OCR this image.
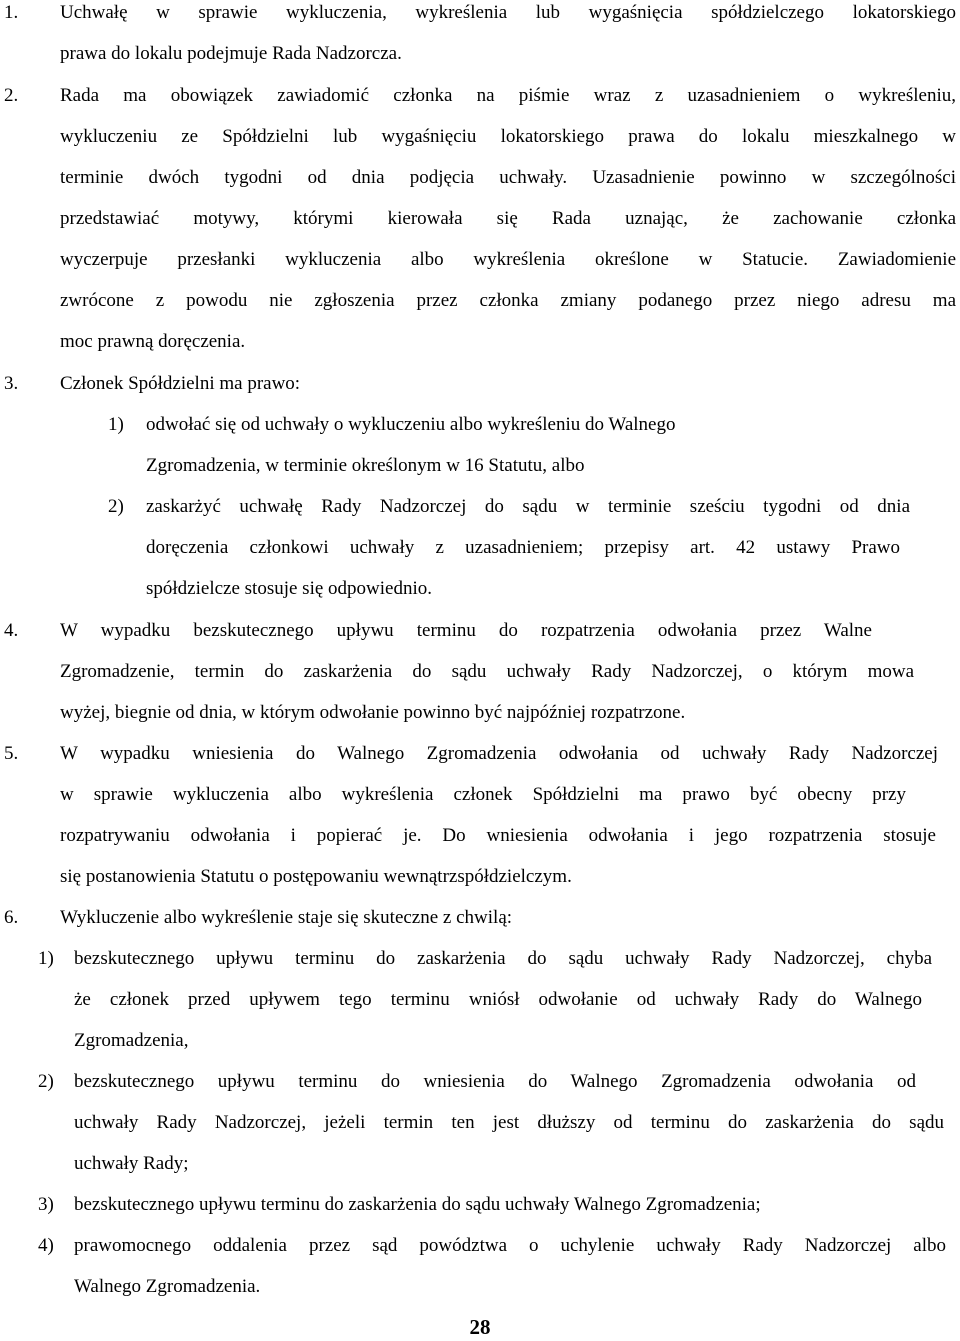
1. Uchwałę w sprawie wykluczenia, wykreślenia lub wygaśnięcia spółdzielczego lokatorskiego
prawa do lokalu podejmuje Rada Nadzorcza.
2. Rada ma obowiązek zawiadomić członka na piśmie wraz z uzasadnieniem o wykreśleniu,
wykluczeniu ze Spółdzielni lub wygaśnięciu lokatorskiego prawa do lokalu mieszkalnego w
terminie dwóch tygodni od dnia podjęcia uchwały. Uzasadnienie powinno w szczególności
przedstawiać motywy, którymi kierowała się Rada uznając, że zachowanie członka
wyczerpuje przesłanki wykluczenia albo wykreślenia określone w Statucie. Zawiadomienie
zwrócone z powodu nie zgłoszenia przez członka zmiany podanego przez niego adresu ma
moc prawną doręczenia.
3. Członek Spółdzielni ma prawo:
1) odwołać się od uchwały o wykluczeniu albo wykreśleniu do Walnego
Zgromadzenia, w terminie określonym w 16 Statutu, albo
2) zaskarżyć uchwałę Rady Nadzorczej do sądu w terminie sześciu tygodni od dnia
doręczenia członkowi uchwały z uzasadnieniem; przepisy art. 42 ustawy Prawo
spółdzielcze stosuje się odpowiednio.
4. W wypadku bezskutecznego upływu terminu do rozpatrzenia odwołania przez Walne
Zgromadzenie, termin do zaskarżenia do sądu uchwały Rady Nadzorczej, o którym mowa
wyżej, biegnie od dnia, w którym odwołanie powinno być najpóźniej rozpatrzone.
5. W wypadku wniesienia do Walnego Zgromadzenia odwołania od uchwały Rady Nadzorczej
w sprawie wykluczenia albo wykreślenia członek Spółdzielni ma prawo być obecny przy
rozpatrywaniu odwołania i popierać je. Do wniesienia odwołania i jego rozpatrzenia stosuje
się postanowienia Statutu o postępowaniu wewnątrzspółdzielczym.
6. Wykluczenie albo wykreślenie staje się skuteczne z chwilą:
1) bezskutecznego upływu terminu do zaskarżenia do sądu uchwały Rady Nadzorczej, chyba
że członek przed upływem tego terminu wniósł odwołanie od uchwały Rady do Walnego
Zgromadzenia,
2) bezskutecznego upływu terminu do wniesienia do Walnego Zgromadzenia odwołania od
uchwały Rady Nadzorczej, jeżeli termin ten jest dłuższy od terminu do zaskarżenia do sądu
uchwały Rady;
3) bezskutecznego upływu terminu do zaskarżenia do sądu uchwały Walnego Zgromadzenia;
4) prawomocnego oddalenia przez sąd powództwa o uchylenie uchwały Rady Nadzorczej albo
Walnego Zgromadzenia.
28
